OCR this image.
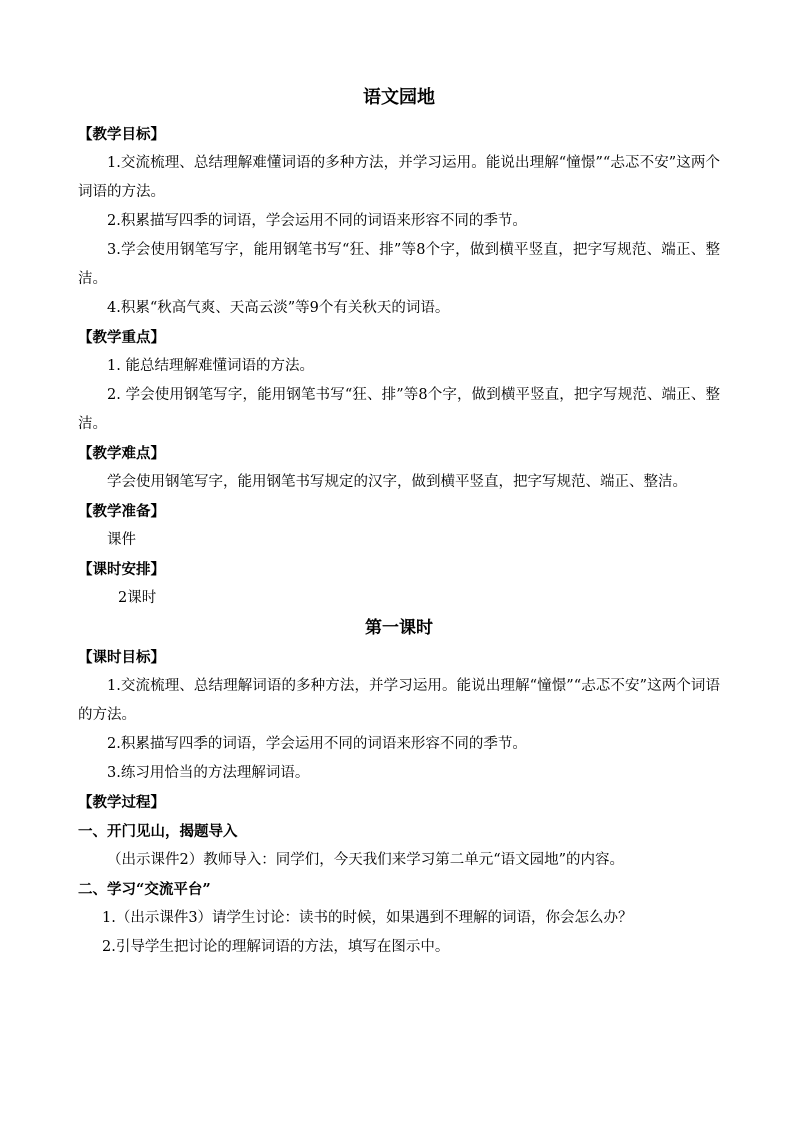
语文园地

【教学目标】

1.交流梳理、总结理解难懂词语的多种方法，并学习运用。能说出理解“憧憬”“忐忑不安”这两个词语的方法。

2.积累描写四季的词语，学会运用不同的词语来形容不同的季节。

3.学会使用钢笔写字，能用钢笔书写“狂、排”等8个字，做到横平竖直，把字写规范、端正、整洁。

4.积累“秋高气爽、天高云淡”等9个有关秋天的词语。

【教学重点】

1. 能总结理解难懂词语的方法。

2. 学会使用钢笔写字，能用钢笔书写“狂、排”等8个字，做到横平竖直，把字写规范、端正、整洁。

【教学难点】

学会使用钢笔写字，能用钢笔书写规定的汉字，做到横平竖直，把字写规范、端正、整洁。

【教学准备】

课件

【课时安排】

2课时

第一课时

【课时目标】

1.交流梳理、总结理解词语的多种方法，并学习运用。能说出理解“憧憬”“忐忑不安”这两个词语的方法。

2.积累描写四季的词语，学会运用不同的词语来形容不同的季节。

3.练习用恰当的方法理解词语。

【教学过程】

一、开门见山，揭题导入

（出示课件2）教师导入：同学们，今天我们来学习第二单元“语文园地”的内容。

二、学习“交流平台”

1.（出示课件3）请学生讨论：读书的时候，如果遇到不理解的词语，你会怎么办？

2.引导学生把讨论的理解词语的方法，填写在图示中。
